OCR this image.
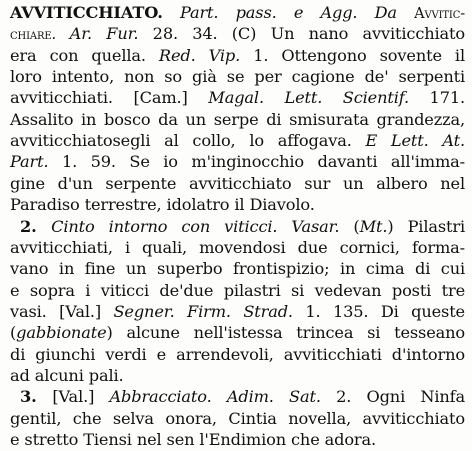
AVVITICCHIATO. Part. pass. e Agg. Da Avvitic-
chiare. Ar. Fur. 28. 34. (C) Un nano avviticchiato
era con quella. Red. Vip. 1. Ottengono sovente il
loro intento, non so già se per cagione de' serpenti
avviticchiati. [Cam.] Magal. Lett. Scientif. 171.
Assalito in bosco da un serpe di smisurata grandezza,
avviticchiatosegli al collo, lo affogava. E Lett. At.
Part. 1. 59. Se io m'inginocchio davanti all'imma-
gine d'un serpente avviticchiato sur un albero nel
Paradiso terrestre, idolatro il Diavolo.
2. Cinto intorno con viticci. Vasar. (Mt.) Pilastri
avviticchiati, i quali, movendosi due cornici, forma-
vano in fine un superbo frontispizio; in cima di cui
e sopra i viticci de'due pilastri si vedevan posti tre
vasi. [Val.] Segner. Firm. Strad. 1. 135. Di queste
(gabbionate) alcune nell'istessa trincea si tesseano
di giunchi verdi e arrendevoli, avviticchiati d'intorno
ad alcuni pali.
3. [Val.] Abbracciato. Adim. Sat. 2. Ogni Ninfa
gentil, che selva onora, Cintia novella, avviticchiato
e stretto Tiensi nel sen l'Endimion che adora.
